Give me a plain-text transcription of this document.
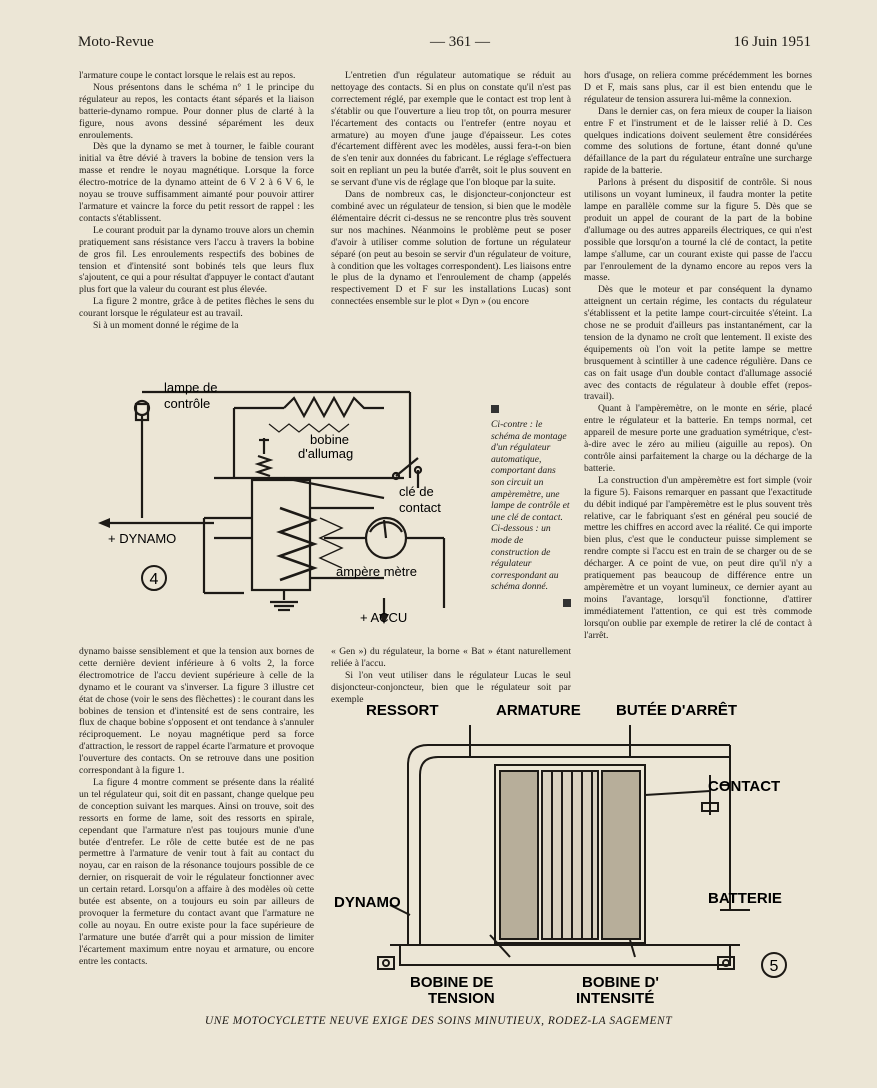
Moto-Revue	— 361 —	16 Juin 1951

l'armature coupe le contact lorsque le relais est au repos.

Nous présentons dans le schéma n° 1 le principe du régulateur au repos, les contacts étant séparés et la liaison batterie-dynamo rompue. Pour donner plus de clarté à la figure, nous avons dessiné séparément les deux enroulements.

Dès que la dynamo se met à tourner, le faible courant initial va être dévié à travers la bobine de tension vers la masse et rendre le noyau magnétique. Lorsque la force électro-motrice de la dynamo atteint de 6 V 2 à 6 V 6, le noyau se trouve suffisamment aimanté pour pouvoir attirer l'armature et vaincre la force du petit ressort de rappel : les contacts s'établissent.

Le courant produit par la dynamo trouve alors un chemin pratiquement sans résistance vers l'accu à travers la bobine de gros fil. Les enroulements respectifs des bobines de tension et d'intensité sont bobinés tels que leurs flux s'ajoutent, ce qui a pour résultat d'appuyer le contact d'autant plus fort que la valeur du courant est plus élevée.

La figure 2 montre, grâce à de petites flèches le sens du courant lorsque le régulateur est au travail.

Si à un moment donné le régime de la

L'entretien d'un régulateur automatique se réduit au nettoyage des contacts. Si en plus on constate qu'il n'est pas correctement réglé, par exemple que le contact est trop lent à s'établir ou que l'ouverture a lieu trop tôt, on pourra mesurer l'écartement des contacts ou l'entrefer (entre noyau et armature) au moyen d'une jauge d'épaisseur. Les cotes d'écartement diffèrent avec les modèles, aussi fera-t-on bien de s'en tenir aux données du fabricant. Le réglage s'effectuera soit en repliant un peu la butée d'arrêt, soit le plus souvent en se servant d'une vis de réglage que l'on bloque par la suite.

Dans de nombreux cas, le disjoncteur-conjoncteur est combiné avec un régulateur de tension, si bien que le modèle élémentaire décrit ci-dessus ne se rencontre plus très souvent sur nos machines. Néanmoins le problème peut se poser d'avoir à utiliser comme solution de fortune un régulateur séparé (on peut au besoin se servir d'un régulateur de voiture, à condition que les voltages correspondent). Les liaisons entre le plus de la dynamo et l'enroulement de champ (appelés respectivement D et F sur les installations Lucas) sont connectées ensemble sur le plot « Dyn » (ou encore

hors d'usage, on reliera comme précédemment les bornes D et F, mais sans plus, car il est bien entendu que le régulateur de tension assurera lui-même la connexion.

Dans le dernier cas, on fera mieux de couper la liaison entre F et l'instrument et de le laisser relié à D. Ces quelques indications doivent seulement être considérées comme des solutions de fortune, étant donné qu'une défaillance de la part du régulateur entraîne une surcharge rapide de la batterie.

Parlons à présent du dispositif de contrôle. Si nous utilisons un voyant lumineux, il faudra monter la petite lampe en parallèle comme sur la figure 5. Dès que se produit un appel de courant de la part de la bobine d'allumage ou des autres appareils électriques, ce qui n'est possible que lorsqu'on a tourné la clé de contact, la petite lampe s'allume, car un courant existe qui passe de l'accu par l'enroulement de la dynamo encore au repos vers la masse.

Dès que le moteur et par conséquent la dynamo atteignent un certain régime, les contacts du régulateur s'établissent et la petite lampe court-circuitée s'éteint. La chose ne se produit d'ailleurs pas instantanément, car la tension de la dynamo ne croît que lentement. Il existe des équipements où l'on voit la petite lampe se mettre brusquement à scintiller à une cadence régulière. Dans ce cas on fait usage d'un double contact d'allumage associé avec des contacts de régulateur à double effet (repos-travail).

Quant à l'ampèremètre, on le monte en série, placé entre le régulateur et la batterie. En temps normal, cet appareil de mesure porte une graduation symétrique, c'est-à-dire avec le zéro au milieu (aiguille au repos). On contrôle ainsi parfaitement la charge ou la décharge de la batterie.

La construction d'un ampèremètre est fort simple (voir la figure 5). Faisons remarquer en passant que l'exactitude du débit indiqué par l'ampèremètre est le plus souvent très relative, car le fabriquant s'est en général peu soucié de mettre les chiffres en accord avec la réalité. Ce qui importe bien plus, c'est que le conducteur puisse simplement se rendre compte si l'accu est en train de se charger ou de se décharger. A ce point de vue, on peut dire qu'il n'y a pratiquement pas beaucoup de différence entre un ampèremètre et un voyant lumineux, ce dernier ayant au moins l'avantage, lorsqu'il fonctionne, d'attirer immédiatement l'attention, ce qui est très commode lorsqu'on oublie par exemple de retirer la clé de contact à l'arrêt.

4
lampe de
contrôle
bobine
d'allumag
clé de
contact
+ DYNAMO
ampère mètre
+ ACCU
Ci-contre : le schéma de montage d'un régulateur automatique, comportant dans son circuit un ampèremètre, une lampe de contrôle et une clé de contact. Ci-dessous : un mode de construction de régulateur correspondant au schéma donné.

dynamo baisse sensiblement et que la tension aux bornes de cette dernière devient inférieure à 6 volts 2, la force électromotrice de l'accu devient supérieure à celle de la dynamo et le courant va s'inverser. La figure 3 illustre cet état de chose (voir le sens des flèchettes) : le courant dans les bobines de tension et d'intensité est de sens contraire, les flux de chaque bobine s'opposent et ont tendance à s'annuler réciproquement. Le noyau magnétique perd sa force d'attraction, le ressort de rappel écarte l'armature et provoque l'ouverture des contacts. On se retrouve dans une position correspondant à la figure 1.

La figure 4 montre comment se présente dans la réalité un tel régulateur qui, soit dit en passant, change quelque peu de conception suivant les marques. Ainsi on trouve, soit des ressorts en forme de lame, soit des ressorts en spirale, cependant que l'armature n'est pas toujours munie d'une butée d'entrefer. Le rôle de cette butée est de ne pas permettre à l'armature de venir tout à fait au contact du noyau, car en raison de la résonance toujours possible de ce dernier, on risquerait de voir le régulateur fonctionner avec un certain retard. Lorsqu'on a affaire à des modèles où cette butée est absente, on a toujours eu soin par ailleurs de provoquer la fermeture du contact avant que l'armature ne colle au noyau. En outre existe pour la face supérieure de l'armature une butée d'arrêt qui a pour mission de limiter l'écartement maximum entre noyau et armature, ou encore entre les contacts.

« Gen ») du régulateur, la borne « Bat » étant naturellement reliée à l'accu.

Si l'on veut utiliser dans le régulateur Lucas le seul disjoncteur-conjoncteur, bien que le régulateur soit par exemple

5
RESSORT	ARMATURE BUTÉE D'ARRÊT
CONTACT
BATTERIE
DYNAMO
BOBINE DE
TENSION
BOBINE D'
INTENSITÉ
UNE MOTOCYCLETTE NEUVE EXIGE DES SOINS MINUTIEUX, RODEZ-LA SAGEMENT
